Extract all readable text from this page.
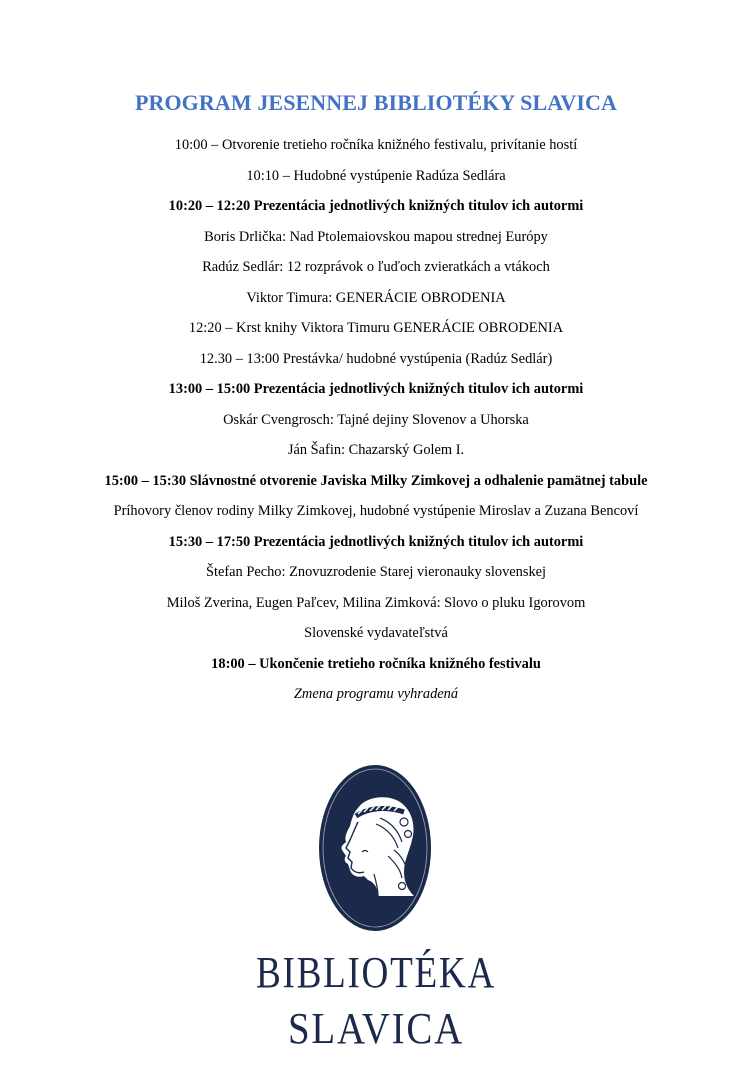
PROGRAM JESENNEJ BIBLIOTÉKY SLAVICA
10:00 – Otvorenie tretieho ročníka knižného festivalu, privítanie hostí
10:10 – Hudobné vystúpenie Radúza Sedlára
10:20 – 12:20 Prezentácia jednotlivých knižných titulov ich autormi
Boris Drlička: Nad Ptolemaiovskou mapou strednej Európy
Radúz Sedlár: 12 rozprávok o ľuďoch zvieratkách a vtákoch
Viktor Timura: GENERÁCIE OBRODENIA
12:20 – Krst knihy Viktora Timuru GENERÁCIE OBRODENIA
12.30 – 13:00 Prestávka/ hudobné vystúpenia (Radúz Sedlár)
13:00 – 15:00 Prezentácia jednotlivých knižných titulov ich autormi
Oskár Cvengrosch: Tajné dejiny Slovenov a Uhorska
Ján Šafin: Chazarský Golem I.
15:00 – 15:30 Slávnostné otvorenie Javiska Milky Zimkovej a odhalenie pamätnej tabule
Príhovory členov rodiny Milky Zimkovej, hudobné vystúpenie Miroslav a Zuzana Bencoví
15:30 – 17:50 Prezentácia jednotlivých knižných titulov ich autormi
Štefan Pecho: Znovuzrodenie Starej vieronauky slovenskej
Miloš Zverina, Eugen Paľcev, Milina Zimková: Slovo o pluku Igorovom
Slovenské vydavateľstvá
18:00 – Ukončenie tretieho ročníka knižného festivalu
Zmena programu vyhradená
BIBLIOTÉKA
SLAVICA
